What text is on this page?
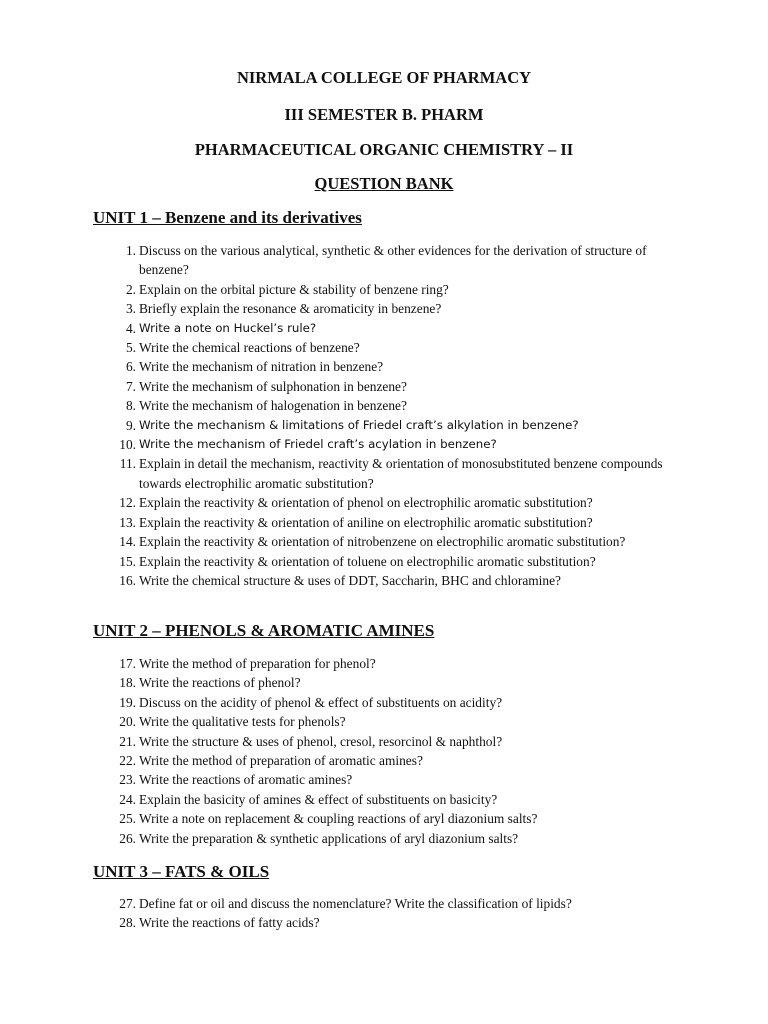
NIRMALA COLLEGE OF PHARMACY
III SEMESTER B. PHARM
PHARMACEUTICAL ORGANIC CHEMISTRY – II
QUESTION BANK
UNIT 1 – Benzene and its derivatives
1. Discuss on the various analytical, synthetic & other evidences for the derivation of structure of benzene?
2. Explain on the orbital picture & stability of benzene ring?
3. Briefly explain the resonance & aromaticity in benzene?
4. Write a note on Huckel’s rule?
5. Write the chemical reactions of benzene?
6. Write the mechanism of nitration in benzene?
7. Write the mechanism of sulphonation in benzene?
8. Write the mechanism of halogenation in benzene?
9. Write the mechanism & limitations of Friedel craft’s alkylation in benzene?
10. Write the mechanism of Friedel craft’s acylation in benzene?
11. Explain in detail the mechanism, reactivity & orientation of monosubstituted benzene compounds towards electrophilic aromatic substitution?
12. Explain the reactivity & orientation of phenol on electrophilic aromatic substitution?
13. Explain the reactivity & orientation of aniline on electrophilic aromatic substitution?
14. Explain the reactivity & orientation of nitrobenzene on electrophilic aromatic substitution?
15. Explain the reactivity & orientation of toluene on electrophilic aromatic substitution?
16. Write the chemical structure & uses of DDT, Saccharin, BHC and chloramine?
UNIT 2 – PHENOLS & AROMATIC AMINES
17. Write the method of preparation for phenol?
18. Write the reactions of phenol?
19. Discuss on the acidity of phenol & effect of substituents on acidity?
20. Write the qualitative tests for phenols?
21. Write the structure & uses of phenol, cresol, resorcinol & naphthol?
22. Write the method of preparation of aromatic amines?
23. Write the reactions of aromatic amines?
24. Explain the basicity of amines & effect of substituents on basicity?
25. Write a note on replacement & coupling reactions of aryl diazonium salts?
26. Write the preparation & synthetic applications of aryl diazonium salts?
UNIT 3 – FATS & OILS
27. Define fat or oil and discuss the nomenclature? Write the classification of lipids?
28. Write the reactions of fatty acids?
